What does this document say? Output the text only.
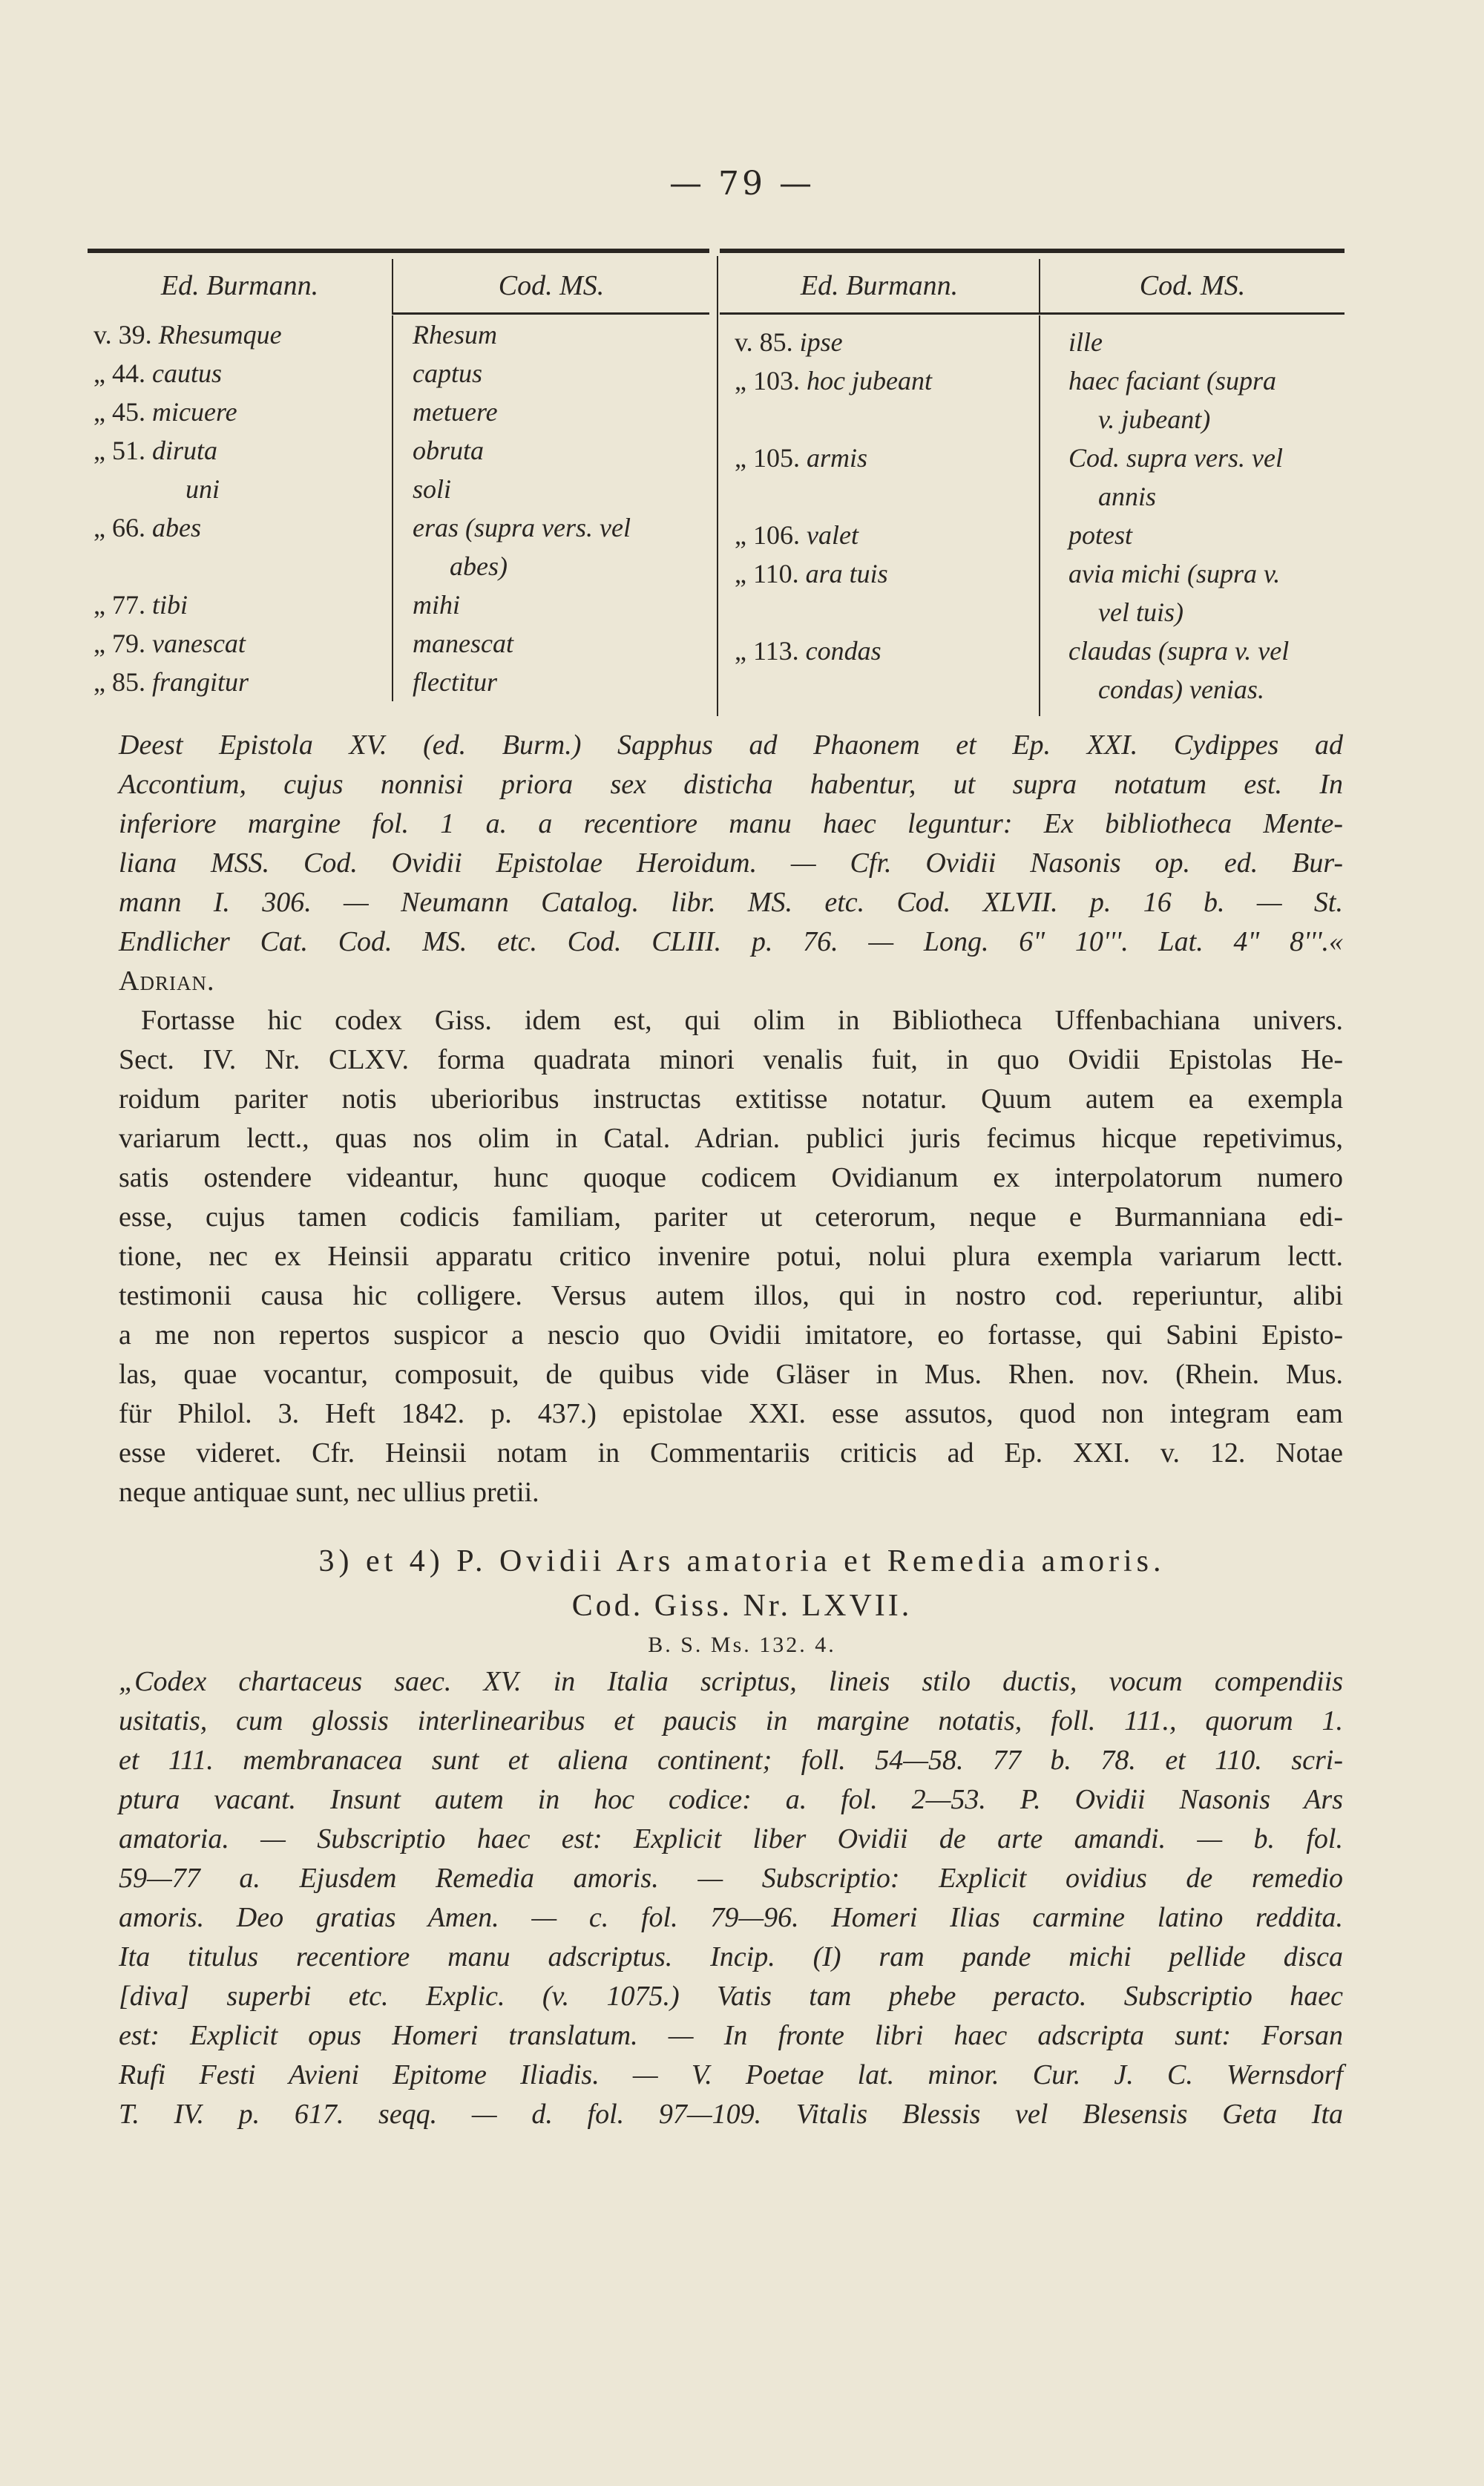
— 79 —
Ed. Burmann.	Cod. MS.
v. 39. Rhesumque	Rhesum
„ 44. cautus	captus
„ 45. micuere	metuere
„ 51. diruta	obruta
uni	soli
„ 66. abes	eras (supra vers. vel
abes)
„ 77. tibi	mihi
„ 79. vanescat	manescat
„ 85. frangitur	flectitur
Ed. Burmann.	Cod. MS.
v. 85. ipse	ille
„ 103. hoc jubeant	haec faciant (supra
v. jubeant)
„ 105. armis	Cod. supra vers. vel
annis
„ 106. valet	potest
„ 110. ara tuis	avia michi (supra v.
vel tuis)
„ 113. condas	claudas (supra v. vel
condas) venias.
Deest Epistola XV. (ed. Burm.) Sapphus ad Phaonem et Ep. XXI. Cydippes ad
Accontium, cujus nonnisi priora sex disticha habentur, ut supra notatum est. In
inferiore margine fol. 1 a. a recentiore manu haec leguntur: Ex bibliotheca Mente-
liana MSS. Cod. Ovidii Epistolae Heroidum. — Cfr. Ovidii Nasonis op. ed. Bur-
mann I. 306. — Neumann Catalog. libr. MS. etc. Cod. XLVII. p. 16 b. — St.
Endlicher Cat. Cod. MS. etc. Cod. CLIII. p. 76. — Long. 6" 10'''. Lat. 4" 8'''.«
Adrian.
Fortasse hic codex Giss. idem est, qui olim in Bibliotheca Uffenbachiana univers.
Sect. IV. Nr. CLXV. forma quadrata minori venalis fuit, in quo Ovidii Epistolas He-
roidum pariter notis uberioribus instructas extitisse notatur. Quum autem ea exempla
variarum lectt., quas nos olim in Catal. Adrian. publici juris fecimus hicque repetivimus,
satis ostendere videantur, hunc quoque codicem Ovidianum ex interpolatorum numero
esse, cujus tamen codicis familiam, pariter ut ceterorum, neque e Burmanniana edi-
tione, nec ex Heinsii apparatu critico invenire potui, nolui plura exempla variarum lectt.
testimonii causa hic colligere. Versus autem illos, qui in nostro cod. reperiuntur, alibi
a me non repertos suspicor a nescio quo Ovidii imitatore, eo fortasse, qui Sabini Episto-
las, quae vocantur, composuit, de quibus vide Gläser in Mus. Rhen. nov. (Rhein. Mus.
für Philol. 3. Heft 1842. p. 437.) epistolae XXI. esse assutos, quod non integram eam
esse videret. Cfr. Heinsii notam in Commentariis criticis ad Ep. XXI. v. 12. Notae
neque antiquae sunt, nec ullius pretii.
3) et 4) P. Ovidii Ars amatoria et Remedia amoris.
Cod. Giss. Nr. LXVII.
B. S. Ms. 132. 4.
„Codex chartaceus saec. XV. in Italia scriptus, lineis stilo ductis, vocum compendiis
usitatis, cum glossis interlinearibus et paucis in margine notatis, foll. 111., quorum 1.
et 111. membranacea sunt et aliena continent; foll. 54—58. 77 b. 78. et 110. scri-
ptura vacant. Insunt autem in hoc codice: a. fol. 2—53. P. Ovidii Nasonis Ars
amatoria. — Subscriptio haec est: Explicit liber Ovidii de arte amandi. — b. fol.
59—77 a. Ejusdem Remedia amoris. — Subscriptio: Explicit ovidius de remedio
amoris. Deo gratias Amen. — c. fol. 79—96. Homeri Ilias carmine latino reddita.
Ita titulus recentiore manu adscriptus. Incip. (I) ram pande michi pellide disca
[diva] superbi etc. Explic. (v. 1075.) Vatis tam phebe peracto. Subscriptio haec
est: Explicit opus Homeri translatum. — In fronte libri haec adscripta sunt: Forsan
Rufi Festi Avieni Epitome Iliadis. — V. Poetae lat. minor. Cur. J. C. Wernsdorf
T. IV. p. 617. seqq. — d. fol. 97—109. Vitalis Blessis vel Blesensis Geta Ita
